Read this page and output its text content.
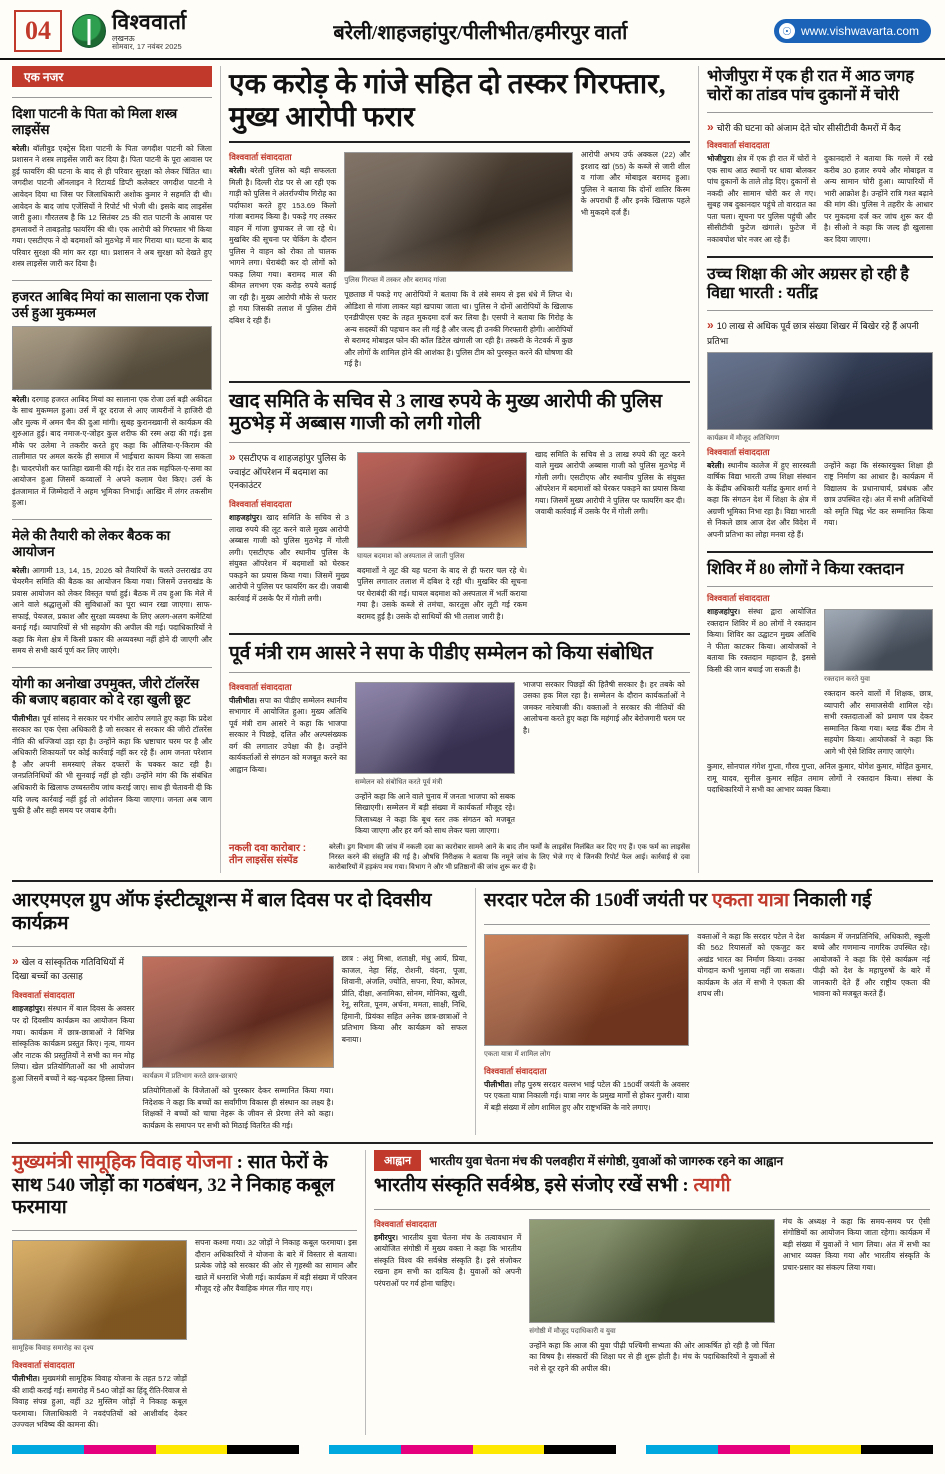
04	विश्ववार्ता
लखनऊ
सोमवार, 17 नवंबर 2025
बरेली/शाहजहांपुर/पीलीभीत/हमीरपुर वार्ता	☉ www.vishwavarta.com
एक नजर
दिशा पाटनी के पिता को मिला शस्त्र लाइसेंस

बरेली। बॉलीवुड एक्ट्रेस दिशा पाटनी के पिता जगदीश पाटनी को जिला प्रशासन ने शस्त्र लाइसेंस जारी कर दिया है। पिता पाटनी के पूरा आवास पर हुई फायरिंग की घटना के बाद से ही परिवार सुरक्षा को लेकर चिंतित था। जगदीश पाटनी ऑनलाइन ने रिटायर्ड डिप्टी कलेक्टर जगदीश पाटनी ने आवेदन दिया था जिस पर जिलाधिकारी अशोक कुमार ने सहमति दी थी। आवेदन के बाद जांच एजेंसियों ने रिपोर्ट भी भेजी थी। इसके बाद लाइसेंस जारी हुआ। गौरतलब है कि 12 सितंबर 25 की रात पाटनी के आवास पर हमलावरों ने ताबड़तोड़ फायरिंग की थी। एक आरोपी को गिरफ्तार भी किया गया। एसटीएफ ने दो बदमाशों को मुठभेड़ में मार गिराया था। घटना के बाद परिवार सुरक्षा की मांग कर रहा था। प्रशासन ने अब सुरक्षा को देखते हुए शस्त्र लाइसेंस जारी कर दिया है।

हजरत आबिद मियां का सालाना एक रोजा उर्स हुआ मुकम्मल

बरेली। दरगाह हजरत आबिद मियां का सालाना एक रोजा उर्स बड़ी अकीदत के साथ मुकम्मल हुआ। उर्स में दूर दराज से आए जायरीनों ने हाजिरी दी और मुल्क में अमन चैन की दुआ मांगी। सुबह कुरानख्वानी से कार्यक्रम की शुरुआत हुई। बाद नमाज-ए-जोहर कुल शरीफ की रस्म अदा की गई। इस मौके पर उलेमा ने तकरीर करते हुए कहा कि औलिया-ए-किराम की तालीमात पर अमल करके ही समाज में भाईचारा कायम किया जा सकता है। चादरपोशी कर फातिहा ख्वानी की गई। देर रात तक महफिल-ए-समा का आयोजन हुआ जिसमें कव्वालों ने अपने कलाम पेश किए। उर्स के इंतजामात में जिम्मेदारों ने अहम भूमिका निभाई। आखिर में लंगर तकसीम हुआ।

मेले की तैयारी को लेकर बैठक का आयोजन

बरेली। आगामी 13, 14, 15, 2026 को तैयारियों के चलते उत्तराखंड उप चेयरमैन समिति की बैठक का आयोजन किया गया। जिसमें उत्तराखंड के प्रवास आयोजन को लेकर विस्तृत चर्चा हुई। बैठक में तय हुआ कि मेले में आने वाले श्रद्धालुओं की सुविधाओं का पूरा ध्यान रखा जाएगा। साफ-सफाई, पेयजल, प्रकाश और सुरक्षा व्यवस्था के लिए अलग-अलग कमेटियां बनाई गईं। व्यापारियों से भी सहयोग की अपील की गई। पदाधिकारियों ने कहा कि मेला क्षेत्र में किसी प्रकार की अव्यवस्था नहीं होने दी जाएगी और समय से सभी कार्य पूर्ण कर लिए जाएंगे।

योगी का अनोखा उपमुक्त, जीरो टॉलरेंस की बजाए बहावार को दे रहा खुली छूट

पीलीभीत। पूर्व सांसद ने सरकार पर गंभीर आरोप लगाते हुए कहा कि प्रदेश सरकार का एक ऐसा अधिकारी है जो सरकार से सरकार की जीरो टॉलरेंस नीति की धज्जियां उड़ा रहा है। उन्होंने कहा कि भ्रष्टाचार चरम पर है और अधिकारी शिकायतों पर कोई कार्रवाई नहीं कर रहे हैं। आम जनता परेशान है और अपनी समस्याएं लेकर दफ्तरों के चक्कर काट रही है। जनप्रतिनिधियों की भी सुनवाई नहीं हो रही। उन्होंने मांग की कि संबंधित अधिकारी के खिलाफ उच्चस्तरीय जांच कराई जाए। साथ ही चेतावनी दी कि यदि जल्द कार्रवाई नहीं हुई तो आंदोलन किया जाएगा। जनता अब जाग चुकी है और सही समय पर जवाब देगी।

एक करोड़ के गांजे सहित दो तस्कर गिरफ्तार, मुख्य आरोपी फरार
विश्ववार्ता संवाददाता

बरेली। बरेली पुलिस को बड़ी सफलता मिली है। दिल्ली रोड पर से आ रही एक गाड़ी को पुलिस ने अंतर्राज्यीय गिरोह का पर्दाफाश करते हुए 153.69 किलो गांजा बरामद किया है। पकड़े गए तस्कर वाहन में गांजा छुपाकर ले जा रहे थे। मुखबिर की सूचना पर चेकिंग के दौरान पुलिस ने वाहन को रोका तो चालक भागने लगा। घेराबंदी कर दो लोगों को पकड़ लिया गया। बरामद माल की कीमत लगभग एक करोड़ रुपये बताई जा रही है। मुख्य आरोपी मौके से फरार हो गया जिसकी तलाश में पुलिस टीमें दबिश दे रही हैं।

पुलिस गिरफ्त में तस्कर और बरामद गांजा

पूछताछ में पकड़े गए आरोपियों ने बताया कि वे लंबे समय से इस धंधे में लिप्त थे। ओडिशा से गांजा लाकर यहां खपाया जाता था। पुलिस ने दोनों आरोपियों के खिलाफ एनडीपीएस एक्ट के तहत मुकदमा दर्ज कर लिया है। एसपी ने बताया कि गिरोह के अन्य सदस्यों की पहचान कर ली गई है और जल्द ही उनकी गिरफ्तारी होगी। आरोपियों से बरामद मोबाइल फोन की कॉल डिटेल खंगाली जा रही है। तस्करी के नेटवर्क में कुछ और लोगों के शामिल होने की आशंका है। पुलिस टीम को पुरस्कृत करने की घोषणा की गई है।

आरोपी अभय उर्फ अक्कल (22) और इरशाद खां (55) के कब्जे से जारी शील व गांजा और मोबाइल बरामद हुआ। पुलिस ने बताया कि दोनों शातिर किस्म के अपराधी हैं और इनके खिलाफ पहले भी मुकदमे दर्ज हैं।

खाद समिति के सचिव से 3 लाख रुपये के मुख्य आरोपी की पुलिस मुठभेड़ में अब्बास गाजी को लगी गोली
» एसटीएफ व शाहजहांपुर पुलिस के ज्वाइंट ऑपरेशन में बदमाश का एनकाउंटर
विश्ववार्ता संवाददाता

शाहजहांपुर। खाद समिति के सचिव से 3 लाख रुपये की लूट करने वाले मुख्य आरोपी अब्बास गाजी को पुलिस मुठभेड़ में गोली लगी। एसटीएफ और स्थानीय पुलिस के संयुक्त ऑपरेशन में बदमाशों को घेरकर पकड़ने का प्रयास किया गया। जिसमें मुख्य आरोपी ने पुलिस पर फायरिंग कर दी। जवाबी कार्रवाई में उसके पैर में गोली लगी।

घायल बदमाश को अस्पताल ले जाती पुलिस

बदमाशों ने लूट की यह घटना के बाद से ही फरार चल रहे थे। पुलिस लगातार तलाश में दबिश दे रही थी। मुखबिर की सूचना पर घेराबंदी की गई। घायल बदमाश को अस्पताल में भर्ती कराया गया है। उसके कब्जे से तमंचा, कारतूस और लूटी गई रकम बरामद हुई है। उसके दो साथियों की भी तलाश जारी है।

खाद समिति के सचिव से 3 लाख रुपये की लूट करने वाले मुख्य आरोपी अब्बास गाजी को पुलिस मुठभेड़ में गोली लगी। एसटीएफ और स्थानीय पुलिस के संयुक्त ऑपरेशन में बदमाशों को घेरकर पकड़ने का प्रयास किया गया। जिसमें मुख्य आरोपी ने पुलिस पर फायरिंग कर दी। जवाबी कार्रवाई में उसके पैर में गोली लगी।

पूर्व मंत्री राम आसरे ने सपा के पीडीए सम्मेलन को किया संबोधित
विश्ववार्ता संवाददाता

पीलीभीत। सपा का पीडीए सम्मेलन स्थानीय सभागार में आयोजित हुआ। मुख्य अतिथि पूर्व मंत्री राम आसरे ने कहा कि भाजपा सरकार ने पिछड़े, दलित और अल्पसंख्यक वर्ग की लगातार उपेक्षा की है। उन्होंने कार्यकर्ताओं से संगठन को मजबूत करने का आह्वान किया।

सम्मेलन को संबोधित करते पूर्व मंत्री

उन्होंने कहा कि आने वाले चुनाव में जनता भाजपा को सबक सिखाएगी। सम्मेलन में बड़ी संख्या में कार्यकर्ता मौजूद रहे। जिलाध्यक्ष ने कहा कि बूथ स्तर तक संगठन को मजबूत किया जाएगा और हर वर्ग को साथ लेकर चला जाएगा।

भाजपा सरकार पिछड़ों की हितैषी सरकार है। हर तबके को उसका हक मिल रहा है। सम्मेलन के दौरान कार्यकर्ताओं ने जमकर नारेबाजी की। वक्ताओं ने सरकार की नीतियों की आलोचना करते हुए कहा कि महंगाई और बेरोजगारी चरम पर है।

नकली दवा कारोबार : तीन लाइसेंस संस्पेंड
बरेली। ड्रग विभाग की जांच में नकली दवा का कारोबार सामने आने के बाद तीन फर्मों के लाइसेंस निलंबित कर दिए गए हैं। एक फर्म का लाइसेंस निरस्त करने की संस्तुति की गई है। औषधि निरीक्षक ने बताया कि नमूने जांच के लिए भेजे गए थे जिनकी रिपोर्ट फेल आई। कार्रवाई से दवा कारोबारियों में हड़कंप मच गया। विभाग ने और भी प्रतिष्ठानों की जांच शुरू कर दी है।
भोजीपुरा में एक ही रात में आठ जगह चोरों का तांडव पांच दुकानों में चोरी
» चोरी की घटना को अंजाम देते चोर सीसीटीवी कैमरों में कैद
विश्ववार्ता संवाददाता

भोजीपुरा। क्षेत्र में एक ही रात में चोरों ने एक साथ आठ स्थानों पर धावा बोलकर पांच दुकानों के ताले तोड़ दिए। दुकानों से नकदी और सामान चोरी कर ले गए। सुबह जब दुकानदार पहुंचे तो वारदात का पता चला। सूचना पर पुलिस पहुंची और सीसीटीवी फुटेज खंगाले। फुटेज में नकाबपोश चोर नजर आ रहे हैं।

दुकानदारों ने बताया कि गल्ले में रखे करीब 30 हजार रुपये और मोबाइल व अन्य सामान चोरी हुआ। व्यापारियों में भारी आक्रोश है। उन्होंने रात्रि गश्त बढ़ाने की मांग की। पुलिस ने तहरीर के आधार पर मुकदमा दर्ज कर जांच शुरू कर दी है। सीओ ने कहा कि जल्द ही खुलासा कर दिया जाएगा।

उच्च शिक्षा की ओर अग्रसर हो रही है विद्या भारती : यतींद्र
» 10 लाख से अधिक पूर्व छात्र संख्या शिखर में बिखेर रहे हैं अपनी प्रतिभा
कार्यक्रम में मौजूद अतिथिगण
विश्ववार्ता संवाददाता

बरेली। स्थानीय कालेज में हुए सारस्वती वार्षिक विद्या भारती उच्च शिक्षा संस्थान के केंद्रीय अधिकारी यतींद्र कुमार शर्मा ने कहा कि संगठन देश में शिक्षा के क्षेत्र में अग्रणी भूमिका निभा रहा है। विद्या भारती से निकले छात्र आज देश और विदेश में अपनी प्रतिभा का लोहा मनवा रहे हैं।

उन्होंने कहा कि संस्कारयुक्त शिक्षा ही राष्ट्र निर्माण का आधार है। कार्यक्रम में विद्यालय के प्रधानाचार्य, प्रबंधक और छात्र उपस्थित रहे। अंत में सभी अतिथियों को स्मृति चिह्न भेंट कर सम्मानित किया गया।

शिविर में 80 लोगों ने किया रक्तदान
विश्ववार्ता संवाददाता

शाहजहांपुर। संस्था द्वारा आयोजित रक्तदान शिविर में 80 लोगों ने रक्तदान किया। शिविर का उद्घाटन मुख्य अतिथि ने फीता काटकर किया। आयोजकों ने बताया कि रक्तदान महादान है, इससे किसी की जान बचाई जा सकती है।

रक्तदान करते युवा

रक्तदान करने वालों में शिक्षक, छात्र, व्यापारी और समाजसेवी शामिल रहे। सभी रक्तदाताओं को प्रमाण पत्र देकर सम्मानित किया गया। ब्लड बैंक टीम ने सहयोग किया। आयोजकों ने कहा कि आगे भी ऐसे शिविर लगाए जाएंगे।

कुमार, सोनपाल गंगेश गुप्ता, गौरव गुप्ता, अनिल कुमार, योगेश कुमार, मोहित कुमार, रामू यादव, सुनील कुमार सहित तमाम लोगों ने रक्तदान किया। संस्था के पदाधिकारियों ने सभी का आभार व्यक्त किया।

आरएमएल ग्रुप ऑफ इंस्टीट्यूशन्स में बाल दिवस पर दो दिवसीय कार्यक्रम
» खेल व सांस्कृतिक गतिविधियों में दिखा बच्चों का उत्साह
विश्ववार्ता संवाददाता

शाहजहांपुर। संस्थान में बाल दिवस के अवसर पर दो दिवसीय कार्यक्रम का आयोजन किया गया। कार्यक्रम में छात्र-छात्राओं ने विभिन्न सांस्कृतिक कार्यक्रम प्रस्तुत किए। नृत्य, गायन और नाटक की प्रस्तुतियों ने सभी का मन मोह लिया। खेल प्रतियोगिताओं का भी आयोजन हुआ जिसमें बच्चों ने बढ़-चढ़कर हिस्सा लिया। कार्यक्रम में प्रतिभाग करते छात्र-छात्राएं

प्रतियोगिताओं के विजेताओं को पुरस्कार देकर सम्मानित किया गया। निदेशक ने कहा कि बच्चों का सर्वांगीण विकास ही संस्थान का लक्ष्य है। शिक्षकों ने बच्चों को चाचा नेहरू के जीवन से प्रेरणा लेने को कहा। कार्यक्रम के समापन पर सभी को मिठाई वितरित की गई।

छात्र : अंशु मिश्रा, शताक्षी, मंधु आर्य, प्रिया, काजल, नेहा सिंह, रोशनी, वंदना, पूजा, शिवानी, अंजलि, ज्योति, सपना, रिया, कोमल, प्रीति, दीक्षा, अनामिका, सोनम, मोनिका, खुशी, रेनू, सरिता, पूनम, अर्चना, ममता, साक्षी, निधि, हिमानी, प्रियंका सहित अनेक छात्र-छात्राओं ने प्रतिभाग किया और कार्यक्रम को सफल बनाया।

सरदार पटेल की 150वीं जयंती पर एकता यात्रा निकाली गई
एकता यात्रा में शामिल लोग
विश्ववार्ता संवाददाता

पीलीभीत। लौह पुरुष सरदार वल्लभ भाई पटेल की 150वीं जयंती के अवसर पर एकता यात्रा निकाली गई। यात्रा नगर के प्रमुख मार्गों से होकर गुजरी। यात्रा में बड़ी संख्या में लोग शामिल हुए और राष्ट्रभक्ति के नारे लगाए।

वक्ताओं ने कहा कि सरदार पटेल ने देश की 562 रियासतों को एकजुट कर अखंड भारत का निर्माण किया। उनका योगदान कभी भुलाया नहीं जा सकता। कार्यक्रम के अंत में सभी ने एकता की शपथ ली।

कार्यक्रम में जनप्रतिनिधि, अधिकारी, स्कूली बच्चे और गणमान्य नागरिक उपस्थित रहे। आयोजकों ने कहा कि ऐसे कार्यक्रम नई पीढ़ी को देश के महापुरुषों के बारे में जानकारी देते हैं और राष्ट्रीय एकता की भावना को मजबूत करते हैं।

मुख्यमंत्री सामूहिक विवाह योजना : सात फेरों के साथ 540 जोड़ों का गठबंधन, 32 ने निकाह कबूल फरमाया
सामूहिक विवाह समारोह का दृश्य
विश्ववार्ता संवाददाता

पीलीभीत। मुख्यमंत्री सामूहिक विवाह योजना के तहत 572 जोड़ों की शादी कराई गई। समारोह में 540 जोड़ों का हिंदू रीति-रिवाज से विवाह संपन्न हुआ, वहीं 32 मुस्लिम जोड़ों ने निकाह कबूल फरमाया। जिलाधिकारी ने नवदंपतियों को आशीर्वाद देकर उज्ज्वल भविष्य की कामना की।

सपना कश्मा गया। 32 जोड़ों ने निकाह कबूल फरमाया। इस दौरान अधिकारियों ने योजना के बारे में विस्तार से बताया। प्रत्येक जोड़े को सरकार की ओर से गृहस्थी का सामान और खाते में धनराशि भेजी गई। कार्यक्रम में बड़ी संख्या में परिजन मौजूद रहे और वैवाहिक मंगल गीत गाए गए।

आह्वान	भारतीय युवा चेतना मंच की पलवहीरा में संगोष्ठी, युवाओं को जागरुक रहने का आह्वान
भारतीय संस्कृति सर्वश्रेष्ठ, इसे संजोए रखें सभी : त्यागी
विश्ववार्ता संवाददाता

हमीरपुर। भारतीय युवा चेतना मंच के तत्वावधान में आयोजित संगोष्ठी में मुख्य वक्ता ने कहा कि भारतीय संस्कृति विश्व की सर्वश्रेष्ठ संस्कृति है। इसे संजोकर रखना हम सभी का दायित्व है। युवाओं को अपनी परंपराओं पर गर्व होना चाहिए।

संगोष्ठी में मौजूद पदाधिकारी व युवा

उन्होंने कहा कि आज की युवा पीढ़ी पश्चिमी सभ्यता की ओर आकर्षित हो रही है जो चिंता का विषय है। संस्कारों की शिक्षा घर से ही शुरू होती है। मंच के पदाधिकारियों ने युवाओं से नशे से दूर रहने की अपील की।

मंच के अध्यक्ष ने कहा कि समय-समय पर ऐसी संगोष्ठियों का आयोजन किया जाता रहेगा। कार्यक्रम में बड़ी संख्या में युवाओं ने भाग लिया। अंत में सभी का आभार व्यक्त किया गया और भारतीय संस्कृति के प्रचार-प्रसार का संकल्प लिया गया।
